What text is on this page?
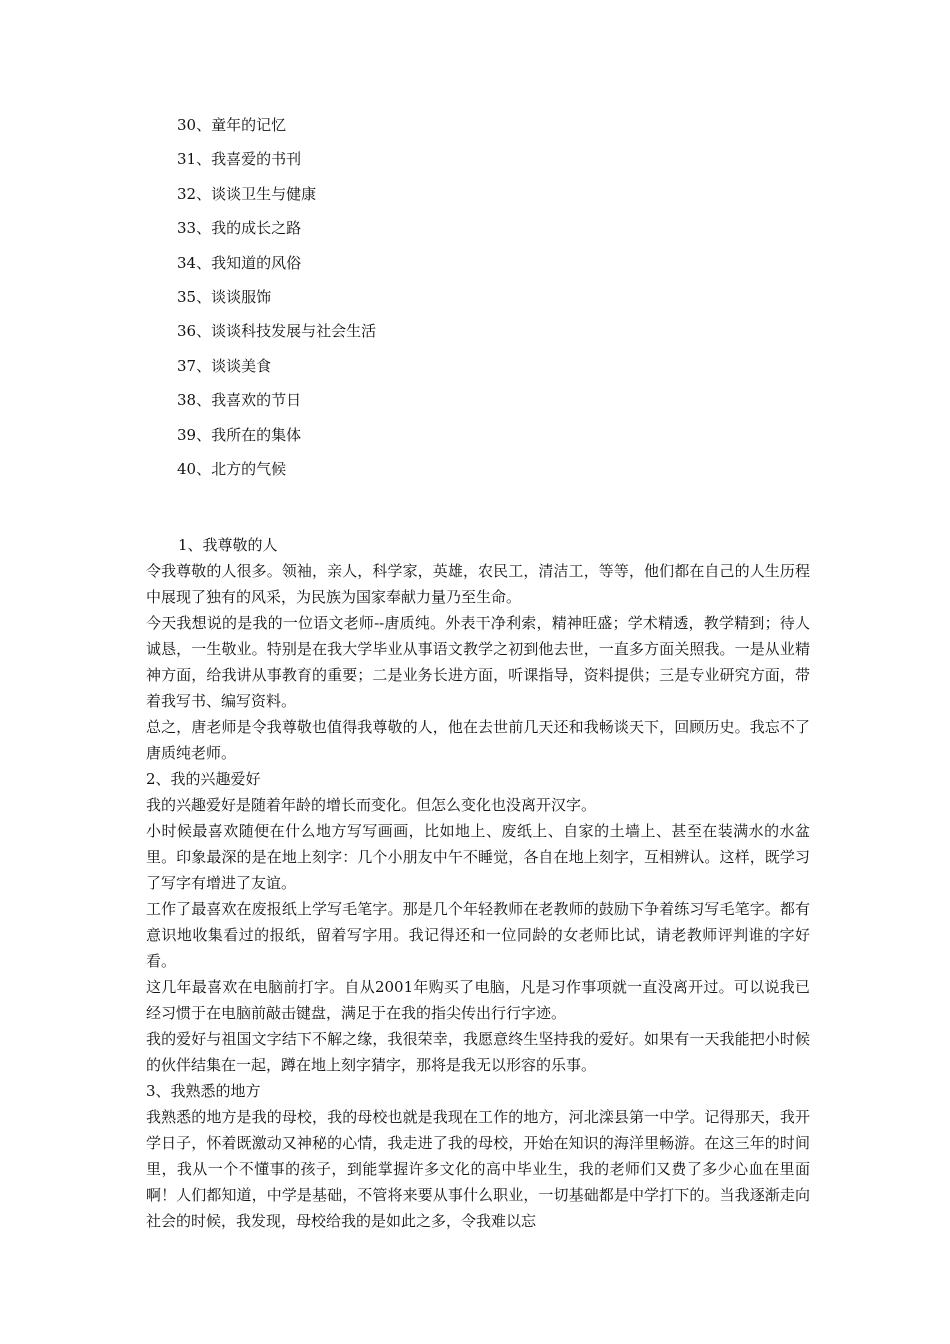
30、童年的记忆
31、我喜爱的书刊
32、谈谈卫生与健康
33、我的成长之路
34、我知道的风俗
35、谈谈服饰
36、谈谈科技发展与社会生活
37、谈谈美食
38、我喜欢的节日
39、我所在的集体
40、北方的气候

1、我尊敬的人

令我尊敬的人很多。领袖，亲人，科学家，英雄，农民工，清洁工，等等，他们都在自己的人生历程中展现了独有的风采，为民族为国家奉献力量乃至生命。

今天我想说的是我的一位语文老师--唐质纯。外表干净利索，精神旺盛；学术精透，教学精到；待人诚恳，一生敬业。特别是在我大学毕业从事语文教学之初到他去世，一直多方面关照我。一是从业精神方面，给我讲从事教育的重要；二是业务长进方面，听课指导，资料提供；三是专业研究方面，带着我写书、编写资料。

总之，唐老师是令我尊敬也值得我尊敬的人，他在去世前几天还和我畅谈天下，回顾历史。我忘不了唐质纯老师。

2、我的兴趣爱好

我的兴趣爱好是随着年龄的增长而变化。但怎么变化也没离开汉字。

小时候最喜欢随便在什么地方写写画画，比如地上、废纸上、自家的土墙上、甚至在装满水的水盆里。印象最深的是在地上刻字：几个小朋友中午不睡觉，各自在地上刻字，互相辨认。这样，既学习了写字有增进了友谊。

工作了最喜欢在废报纸上学写毛笔字。那是几个年轻教师在老教师的鼓励下争着练习写毛笔字。都有意识地收集看过的报纸，留着写字用。我记得还和一位同龄的女老师比试，请老教师评判谁的字好看。

这几年最喜欢在电脑前打字。自从2001年购买了电脑，凡是习作事项就一直没离开过。可以说我已经习惯于在电脑前敲击键盘，满足于在我的指尖传出行行字迹。

我的爱好与祖国文字结下不解之缘，我很荣幸，我愿意终生坚持我的爱好。如果有一天我能把小时候的伙伴结集在一起，蹲在地上刻字猜字，那将是我无以形容的乐事。

3、我熟悉的地方

我熟悉的地方是我的母校，我的母校也就是我现在工作的地方，河北滦县第一中学。记得那天，我开学日子，怀着既激动又神秘的心情，我走进了我的母校，开始在知识的海洋里畅游。在这三年的时间里，我从一个不懂事的孩子，到能掌握许多文化的高中毕业生，我的老师们又费了多少心血在里面啊！人们都知道，中学是基础，不管将来要从事什么职业，一切基础都是中学打下的。当我逐渐走向社会的时候，我发现，母校给我的是如此之多，令我难以忘
